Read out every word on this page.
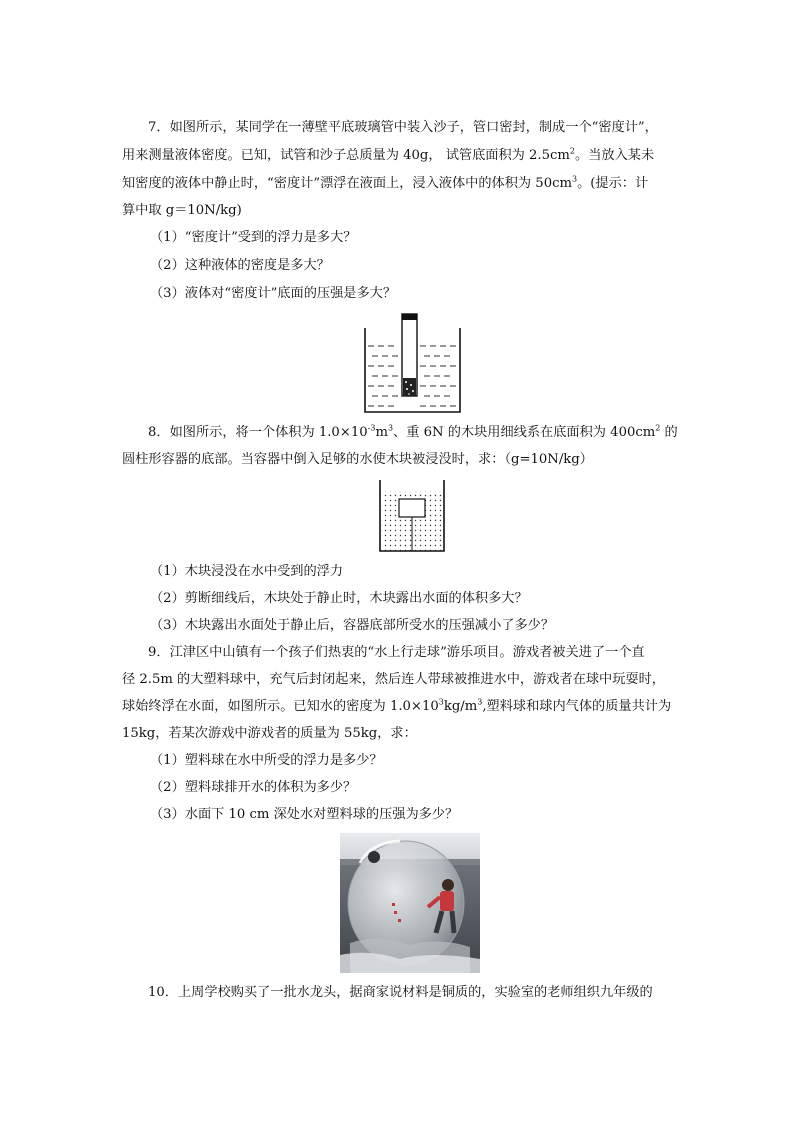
7．如图所示，某同学在一薄壁平底玻璃管中装入沙子，管口密封，制成一个“密度计”，
用来测量液体密度。已知，试管和沙子总质量为 40g， 试管底面积为 $2.5cm^2$。当放入某未
知密度的液体中静止时，“密度计”漂浮在液面上，浸入液体中的体积为 $50cm^3$。(提示：计
算中取 g＝10N/kg)
（1）“密度计”受到的浮力是多大？
（2）这种液体的密度是多大？
（3）液体对“密度计”底面的压强是多大？
8．如图所示，将一个体积为 $1.0\times 10^{-3}m^3$、重 6N 的木块用细线系在底面积为 $400cm^2$ 的
圆柱形容器的底部。当容器中倒入足够的水使木块被浸没时，求：（g=10N/kg）
（1）木块浸没在水中受到的浮力
（2）剪断细线后，木块处于静止时，木块露出水面的体积多大？
（3）木块露出水面处于静止后，容器底部所受水的压强减小了多少？
9．江津区中山镇有一个孩子们热衷的“水上行走球”游乐项目。游戏者被关进了一个直
径 2.5m 的大塑料球中，充气后封闭起来，然后连人带球被推进水中，游戏者在球中玩耍时，
球始终浮在水面，如图所示。已知水的密度为 $1.0\times 10^3kg/m^3$,塑料球和球内气体的质量共计为
15kg，若某次游戏中游戏者的质量为 55kg，求：
（1）塑料球在水中所受的浮力是多少？
（2）塑料球排开水的体积为多少？
（3）水面下 10 cm 深处水对塑料球的压强为多少？
10．上周学校购买了一批水龙头，据商家说材料是铜质的，实验室的老师组织九年级的
